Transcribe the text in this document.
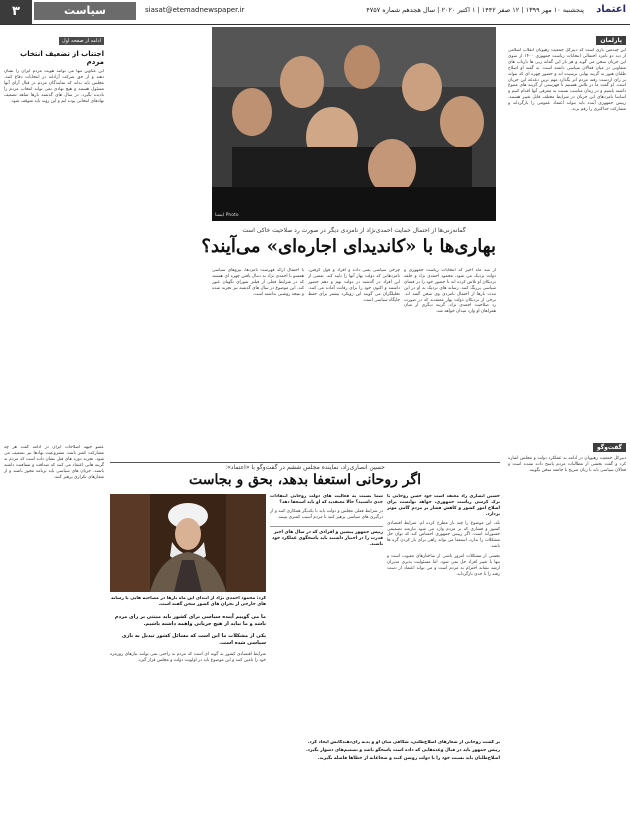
اعتماد
پنجشنبه ۱۰ مهر ۱۳۹۹ | ۱۲ صفر ۱۴۴۲ | ۱ اکتبر ۲۰۲۰ | سال هجدهم شماره ۴۷۵۷
siasat@etemadnewspaper.ir
سیاست
۳
پارلمان
این چندمین باری است که دبیرکل جمعیت رهپویان انقلاب اسلامی از دید دو نامزد احتمالی انتخابات ریاست جمهوری ۱۴۰۰ از سوی این جریان سخن می گوید و هر بار این گمانه زنی ها بازتاب های متفاوتی در میان فعالان سیاسی داشته است. به گفته او اصلاح طلبان هنوز به گزینه نهایی نرسیده اند و حضور چهره ای که بتواند بر رای ازدست رفته مردم اثر بگذارد مهم ترین دغدغه این جریان است. او گفت ما در تلاش هستیم تا فهرستی از گزینه های متنوع داشته باشیم و در زمان مناسب نسبت به معرفی آنها اقدام کنیم و اساسا نامزدهای این جریان در شرایط مختلف قابل تغییر هستند. رییس جمهوری آینده باید بتواند اعتماد عمومی را بازگرداند و مشارکت حداکثری را رقم بزند.
گفت‌وگو
دبیرکل جمعیت رهپویان در ادامه به عملکرد دولت و مجلس اشاره کرد و گفت بخشی از مطالبات مردم پاسخ داده نشده است و فعالان سیاسی باید با زبان صریح با جامعه سخن بگویند.
ایسنا Photo
گمانه‌زنی‌ها از احتمال حمایت احمدی‌نژاد از نامزدی دیگر در صورت رد صلاحیت خاکی است
بهاری‌ها با «کاندیدای اجاره‌ای» می‌آیند؟
از سه ماه اخیر که انتخابات ریاست جمهوری و دولت نزدیک می شود، محمود احمدی نژاد و حلقه نزدیکان او تلاش کرده اند تا حضور خود را در فضای سیاسی پررنگ کنند. رسانه های نزدیک به او در این مدت بارها از احتمال نامزدی وی سخن گفته اند. برخی از نزدیکان دولت بهار معتقدند که در صورت رد صلاحیت احمدی نژاد، گزینه دیگری از میان همراهان او وارد میدان خواهد شد.
چرخی سیاسی یعنی داده و افراد و قول گرفتن، نامزدهایی که دولت بهار آنها را تایید کند. بعضی از این افراد در گذشته در دولت نهم و دهم حضور داشتند و اکنون خود را برای رقابت آماده می کنند. تحلیلگران می گویند این رویکرد بیشتر برای حفظ جایگاه سیاسی است.
با احتمال ارائه فهرست نامزدها، نیروهای سیاسی همسو با احمدی نژاد به دنبال یافتن چهره ای هستند که در شرایط فعلی از فیلتر شورای نگهبان عبور کند. این موضوع در سال های گذشته نیز تجربه شده و نتیجه روشنی نداشته است.
ادامه از صفحه اول
اجتناب از تضعیف انتخاب مردم
این عناوین تنها می توانند هویت مردم ایران را نشان دهند و از حق شرکت آزادانه در انتخابات دفاع کنند. مجلس باید بداند که نمایندگان مردم در قبال آرای آنها مسئول هستند و هیچ نهادی نمی تواند انتخاب مردم را نادیده بگیرد. در سال های گذشته بارها شاهد تضعیف نهادهای انتخابی بوده ایم و این روند باید متوقف شود.
عضو جبهه اصلاحات ایران در ادامه گفت هر چه مشارکت کمتر باشد، مشروعیت نهادها نیز تضعیف می شود. تجربه دوره های قبل نشان داده است که مردم به گزینه هایی اعتماد می کنند که صداقت و شفافیت داشته باشند. جریان های سیاسی باید برنامه محور باشند و از شعارهای تکراری پرهیز کنند.
حسین انصاری‌راد، نماینده مجلس ششم در گفت‌وگو با «اعتماد»:
اگر روحانی استعفا بدهد، بحق و بجاست
حسین انصاری راد معتقد است خود حسن روحانی با ترک کرسی ریاست جمهوری، خواهد توانست برای اصلاح امور کشور و کاهش فشار بر مردم گامی موثر بردارد.
بله، این موضوع را چند بار مطرح کرده ام. شرایط اقتصادی کشور و فشاری که بر مردم وارد می شود نیازمند تصمیمی جسورانه است. اگر رییس جمهوری احساس کند که توان حل مشکلات را ندارد، استعفا می تواند راهی برای باز کردن گره ها باشد.
بخشی از مشکلات امروز ناشی از ساختارهای معیوب است و تنها با تغییر افراد حل نمی شود. اما مسئولیت پذیری مدیران ارشد نشانه احترام به مردم است و می تواند اعتماد از دست رفته را تا حدی بازگرداند.
شما نسبت به فعالیت های دولت روحانی انتقادات جدی داشتید؟ حالا معتقدید که او باید استعفا دهد؟
در شرایط فعلی مجلس و دولت باید با یکدیگر همکاری کنند و از درگیری های سیاسی پرهیز کنند تا مردم آسیب کمتری ببینند.
رییس جمهور پیشین و افرادی که در سال های اخیر قدرت را در اختیار داشتند باید پاسخگوی عملکرد خود باشند.
کرد: محمود احمدی نژاد از ابتدای این ماه بارها در مصاحبه هایی با رسانه های خارجی از بحران های کشور سخن گفته است.
ما می گوییم آینده سیاسی برای کشور باید مبتنی بر رای مردم باشد و ما نباید از هیچ جریانی واهمه داشته باشیم.
یکی از مشکلات ما این است که مسائل کشور تبدیل به بازی سیاسی شده است.
شرایط اقتصادی کشور به گونه ای است که مردم به راحتی نمی توانند نیازهای روزمره خود را تامین کنند و این موضوع باید در اولویت دولت و مجلس قرار گیرد.
بر گشت روحانی از شعارهای اصلاح‌طلبی، شکافی میان او و بدنه رای‌دهندگانش ایجاد کرد.
رییس جمهور باید در قبال وعده‌هایی که داده است پاسخگو باشد و تصمیم‌های دشوار بگیرد.
اصلاح‌طلبان باید نسبت خود را با دولت روشن کنند و شجاعانه از خطاها فاصله بگیرند.
